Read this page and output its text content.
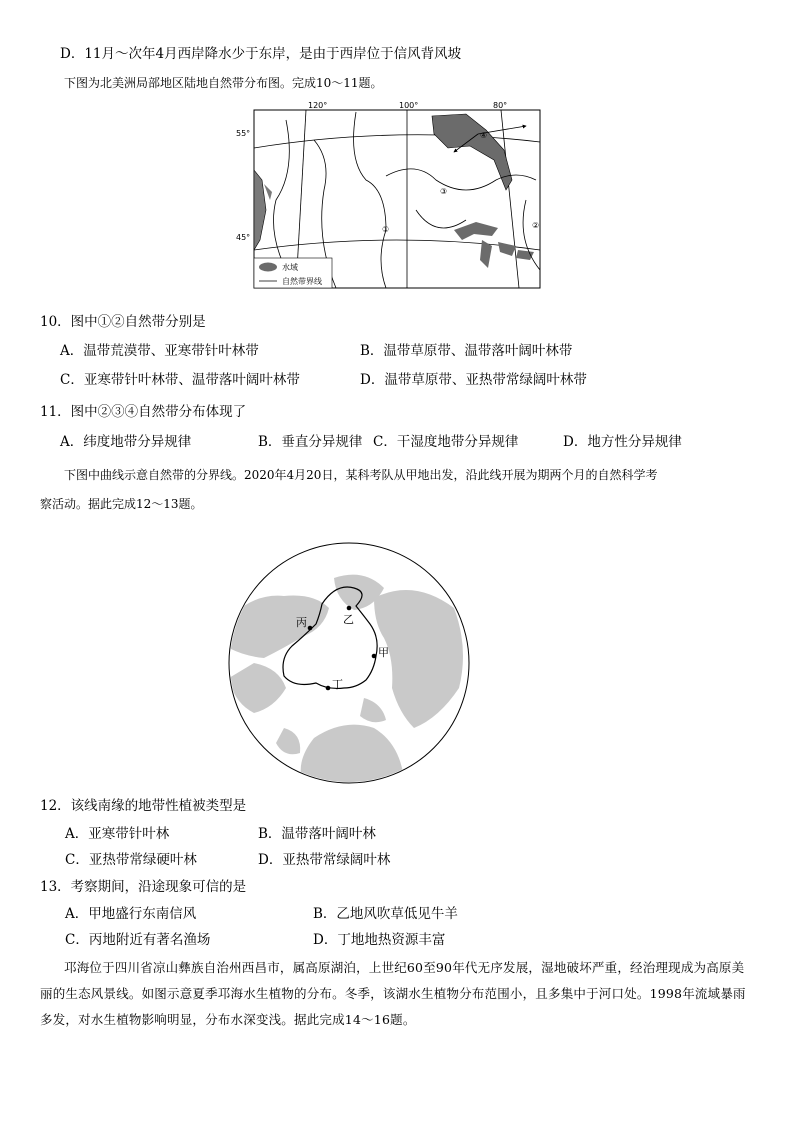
D．11月～次年4月西岸降水少于东岸，是由于西岸位于信风背风坡
下图为北美洲局部地区陆地自然带分布图。完成10～11题。
120°	100°	80°
55°
45°
①	②
③
④
水域
自然带界线
10．图中①②自然带分别是
A．温带荒漠带、亚寒带针叶林带	B．温带草原带、温带落叶阔叶林带
C．亚寒带针叶林带、温带落叶阔叶林带	D．温带草原带、亚热带常绿阔叶林带
11．图中②③④自然带分布体现了
A．纬度地带分异规律	B．垂直分异规律 C．干湿度地带分异规律	D．地方性分异规律
下图中曲线示意自然带的分界线。2020年4月20日，某科考队从甲地出发，沿此线开展为期两个月的自然科学考
察活动。据此完成12～13题。
乙
丙
甲
丁
12．该线南缘的地带性植被类型是
A．亚寒带针叶林	B．温带落叶阔叶林
C．亚热带常绿硬叶林	D．亚热带常绿阔叶林
13．考察期间，沿途现象可信的是
A．甲地盛行东南信风	B．乙地风吹草低见牛羊
C．丙地附近有著名渔场	D．丁地地热资源丰富
邛海位于四川省凉山彝族自治州西昌市，属高原湖泊，上世纪60至90年代无序发展，湿地破坏严重，经治理现成为高原美丽的生态风景线。如图示意夏季邛海水生植物的分布。冬季，该湖水生植物分布范围小，且多集中于河口处。1998年流域暴雨多发，对水生植物影响明显，分布水深变浅。据此完成14～16题。
